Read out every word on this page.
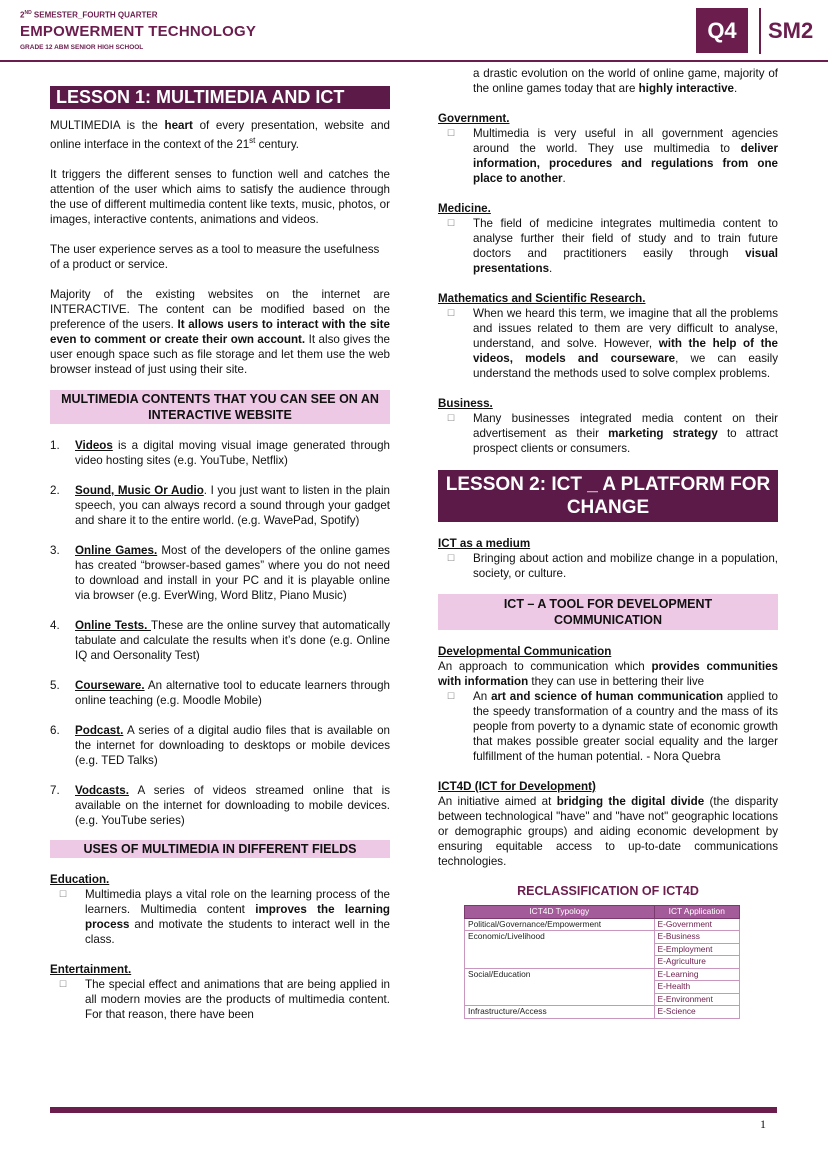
2ND SEMESTER_FOURTH QUARTER
EMPOWERMENT TECHNOLOGY
GRADE 12 ABM SENIOR HIGH SCHOOL
Q4	SM2
LESSON 1: MULTIMEDIA AND ICT

MULTIMEDIA is the heart of every presentation, website and online interface in the context of the 21st century.

It triggers the different senses to function well and catches the attention of the user which aims to satisfy the audience through the use of different multimedia content like texts, music, photos, or images, interactive contents, animations and videos.

The user experience serves as a tool to measure the usefulness of a product or service.

Majority of the existing websites on the internet are INTERACTIVE. The content can be modified based on the preference of the users. It allows users to interact with the site even to comment or create their own account. It also gives the user enough space such as file storage and let them use the web browser instead of just using their site.

MULTIMEDIA CONTENTS THAT YOU CAN SEE ON AN INTERACTIVE WEBSITE
1.	Videos is a digital moving visual image generated through video hosting sites (e.g. YouTube, Netflix)
2.	Sound, Music Or Audio. I you just want to listen in the plain speech, you can always record a sound through your gadget and share it to the entire world. (e.g. WavePad, Spotify)
3.	Online Games. Most of the developers of the online games has created “browser-based games” where you do not need to download and install in your PC and it is playable online via browser (e.g. EverWing, Word Blitz, Piano Music)
4.	Online Tests. These are the online survey that automatically tabulate and calculate the results when it’s done (e.g. Online IQ and Oersonality Test)
5.	Courseware. An alternative tool to educate learners through online teaching (e.g. Moodle Mobile)
6.	Podcast. A series of a digital audio files that is available on the internet for downloading to desktops or mobile devices (e.g. TED Talks)
7.	Vodcasts. A series of videos streamed online that is available on the internet for downloading to mobile devices. (e.g. YouTube series)
USES OF MULTIMEDIA IN DIFFERENT FIELDS
Education.
☐	Multimedia plays a vital role on the learning process of the learners. Multimedia content improves the learning process and motivate the students to interact well in the class.
Entertainment.
☐	The special effect and animations that are being applied in all modern movies are the products of multimedia content. For that reason, there have been
a drastic evolution on the world of online game, majority of the online games today that are highly interactive.
Government.
☐	Multimedia is very useful in all government agencies around the world. They use multimedia to deliver information, procedures and regulations from one place to another.
Medicine.
☐	The field of medicine integrates multimedia content to analyse further their field of study and to train future doctors and practitioners easily through visual presentations.
Mathematics and Scientific Research.
☐	When we heard this term, we imagine that all the problems and issues related to them are very difficult to analyse, understand, and solve. However, with the help of the videos, models and courseware, we can easily understand the methods used to solve complex problems.
Business.
☐	Many businesses integrated media content on their advertisement as their marketing strategy to attract prospect clients or consumers.
LESSON 2: ICT _ A PLATFORM FOR CHANGE
ICT as a medium
☐	Bringing about action and mobilize change in a population, society, or culture.
ICT – A TOOL FOR DEVELOPMENT COMMUNICATION
Developmental Communication

An approach to communication which provides communities with information they can use in bettering their live

☐	An art and science of human communication applied to the speedy transformation of a country and the mass of its people from poverty to a dynamic state of economic growth that makes possible greater social equality and the larger fulfillment of the human potential. - Nora Quebra
ICT4D (ICT for Development)

An initiative aimed at bridging the digital divide (the disparity between technological "have" and "have not" geographic locations or demographic groups) and aiding economic development by ensuring equitable access to up-to-date communications technologies.

RECLASSIFICATION OF ICT4D
ICT4D Typology	ICT Application
Political/Governance/Empowerment	E-Government
Economic/Livelihood	E-Business
	E-Employment
	E-Agriculture
Social/Education	E-Learning
	E-Health
	E-Environment
Infrastructure/Access	E-Science
1
